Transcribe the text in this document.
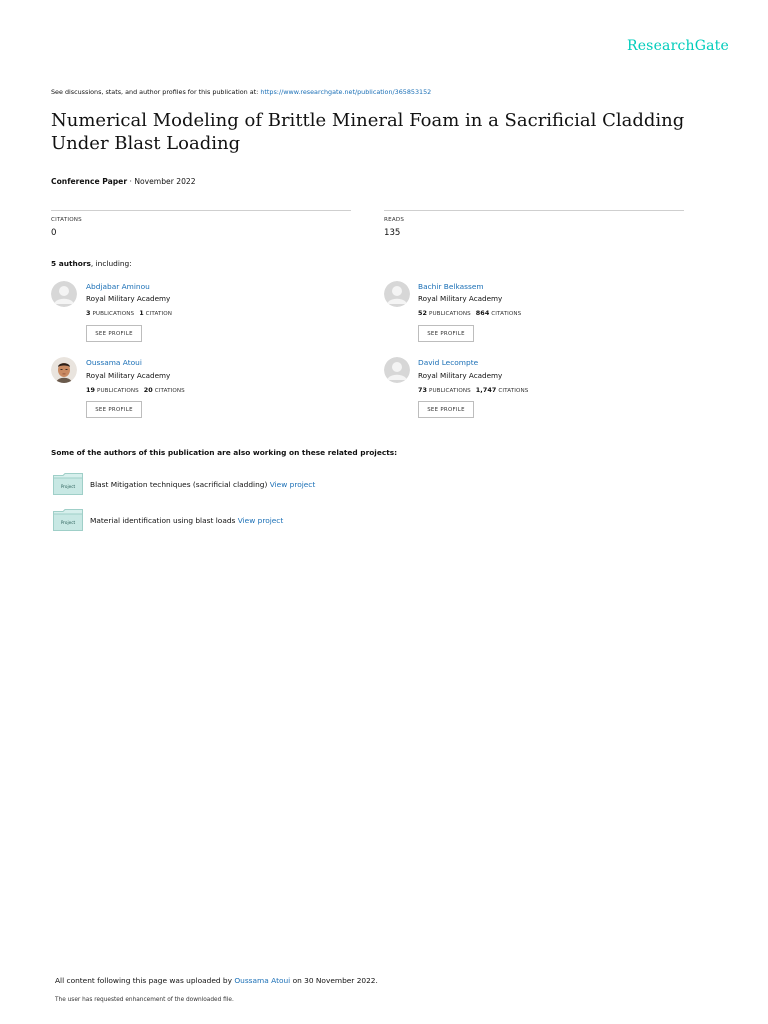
ResearchGate
See discussions, stats, and author profiles for this publication at: https://www.researchgate.net/publication/365853152
Numerical Modeling of Brittle Mineral Foam in a Sacrificial Cladding Under Blast Loading
Conference Paper · November 2022
CITATIONS
0
READS
135
5 authors, including:
Abdjabar Aminou
Royal Military Academy
3 PUBLICATIONS 1 CITATION
SEE PROFILE
Bachir Belkassem
Royal Military Academy
52 PUBLICATIONS 864 CITATIONS
SEE PROFILE
Oussama Atoui
Royal Military Academy
19 PUBLICATIONS 20 CITATIONS
SEE PROFILE
David Lecompte
Royal Military Academy
73 PUBLICATIONS 1,747 CITATIONS
SEE PROFILE
Some of the authors of this publication are also working on these related projects:
Project Blast Mitigation techniques (sacrificial cladding) View project
Project Material identification using blast loads View project
All content following this page was uploaded by Oussama Atoui on 30 November 2022.
The user has requested enhancement of the downloaded file.
